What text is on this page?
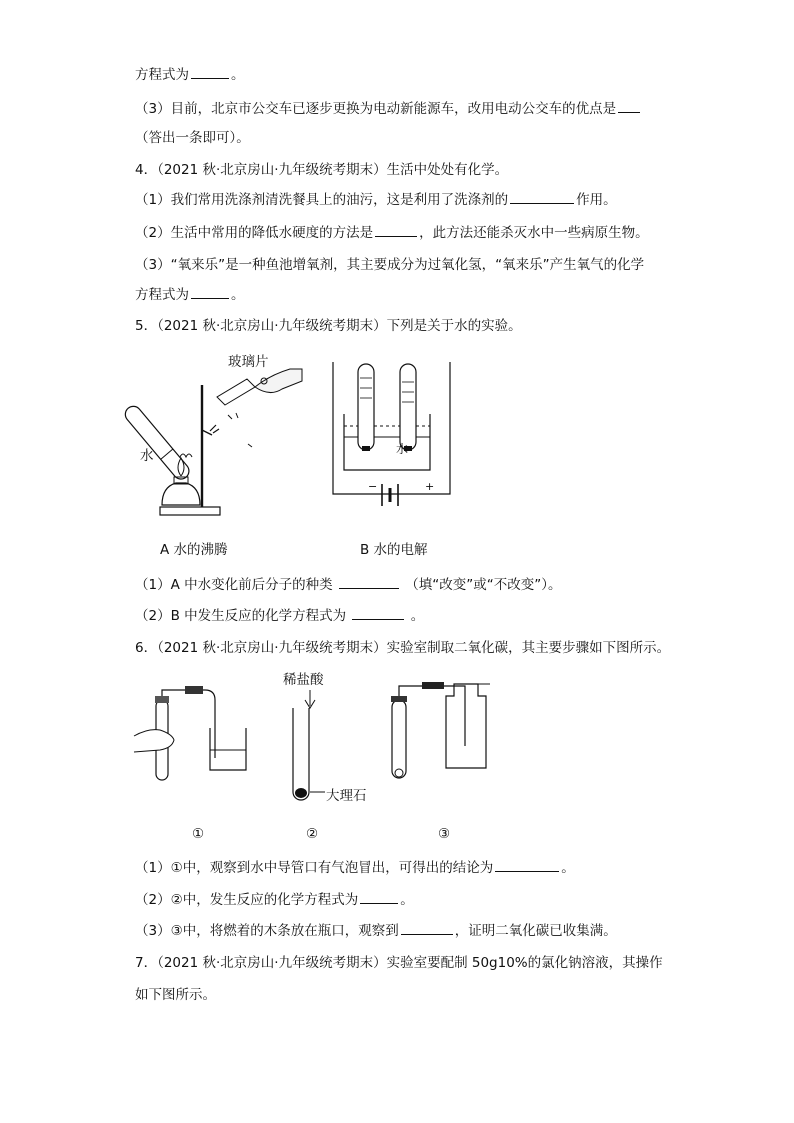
方程式为	。
（3）目前，北京市公交车已逐步更换为电动新能源车，改用电动公交车的优点是
（答出一条即可）。
4．（2021 秋·北京房山·九年级统考期末）生活中处处有化学。
（1）我们常用洗涤剂清洗餐具上的油污，这是利用了洗涤剂的	作用。
（2）生活中常用的降低水硬度的方法是	，此方法还能杀灭水中一些病原生物。
（3）“氧来乐”是一种鱼池增氧剂，其主要成分为过氧化氢，“氧来乐”产生氧气的化学
方程式为	。
5．（2021 秋·北京房山·九年级统考期末）下列是关于水的实验。
玻璃片
水
A 水的沸腾
水
−	+
B 水的电解
（1）A 中水变化前后分子的种类	（填“改变”或“不改变”）。
（2）B 中发生反应的化学方程式为	。
6．（2021 秋·北京房山·九年级统考期末）实验室制取二氧化碳，其主要步骤如下图所示。
稀盐酸
大理石
①	②	③
（1）①中，观察到水中导管口有气泡冒出，可得出的结论为	。
（2）②中，发生反应的化学方程式为	。
（3）③中，将燃着的木条放在瓶口，观察到	，证明二氧化碳已收集满。
7．（2021 秋·北京房山·九年级统考期末）实验室要配制 50g10%的氯化钠溶液，其操作
如下图所示。
